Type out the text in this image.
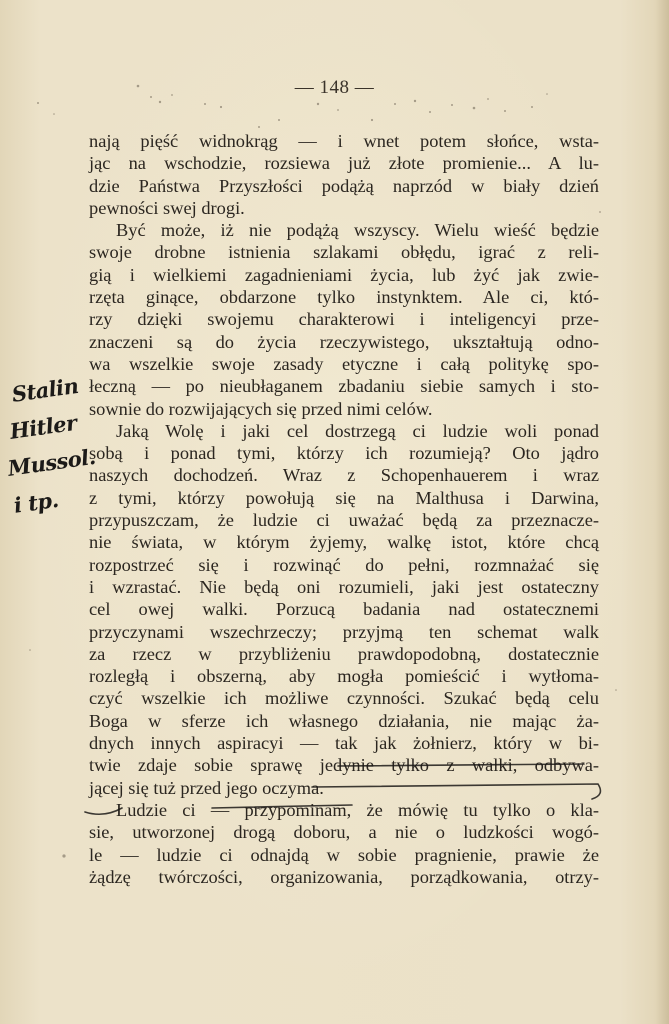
— 148 —
nają pięść widnokrąg — i wnet potem słońce, wsta-
jąc na wschodzie, rozsiewa już złote promienie... A lu-
dzie Państwa Przyszłości podążą naprzód w biały dzień
pewności swej drogi.
Być może, iż nie podążą wszyscy. Wielu wieść będzie
swoje drobne istnienia szlakami obłędu, igrać z reli-
gią i wielkiemi zagadnieniami życia, lub żyć jak zwie-
rzęta ginące, obdarzone tylko instynktem. Ale ci, któ-
rzy dzięki swojemu charakterowi i inteligencyi prze-
znaczeni są do życia rzeczywistego, ukształtują odno-
wa wszelkie swoje zasady etyczne i całą politykę spo-
łeczną — po nieubłaganem zbadaniu siebie samych i sto-
sownie do rozwijających się przed nimi celów.
Jaką Wolę i jaki cel dostrzegą ci ludzie woli ponad
sobą i ponad tymi, którzy ich rozumieją? Oto jądro
naszych dochodzeń. Wraz z Schopenhauerem i wraz
z tymi, którzy powołują się na Malthusa i Darwina,
przypuszczam, że ludzie ci uważać będą za przeznacze-
nie świata, w którym żyjemy, walkę istot, które chcą
rozpostrzeć się i rozwinąć do pełni, rozmnażać się
i wzrastać. Nie będą oni rozumieli, jaki jest ostateczny
cel owej walki. Porzucą badania nad ostatecznemi
przyczynami wszechrzeczy; przyjmą ten schemat walk
za rzecz w przybliżeniu prawdopodobną, dostatecznie
rozległą i obszerną, aby mogła pomieścić i wytłoma-
czyć wszelkie ich możliwe czynności. Szukać będą celu
Boga w sferze ich własnego działania, nie mając ża-
dnych innych aspiracyi — tak jak żołnierz, który w bi-
twie zdaje sobie sprawę jedynie tylko z walki, odbywa-
jącej się tuż przed jego oczyma.
Ludzie ci — przypominam, że mówię tu tylko o kla-
sie, utworzonej drogą doboru, a nie o ludzkości wogó-
le — ludzie ci odnajdą w sobie pragnienie, prawie że
żądzę twórczości, organizowania, porządkowania, otrzy-
Stalin
Hitler
Mussol.
i tp.
